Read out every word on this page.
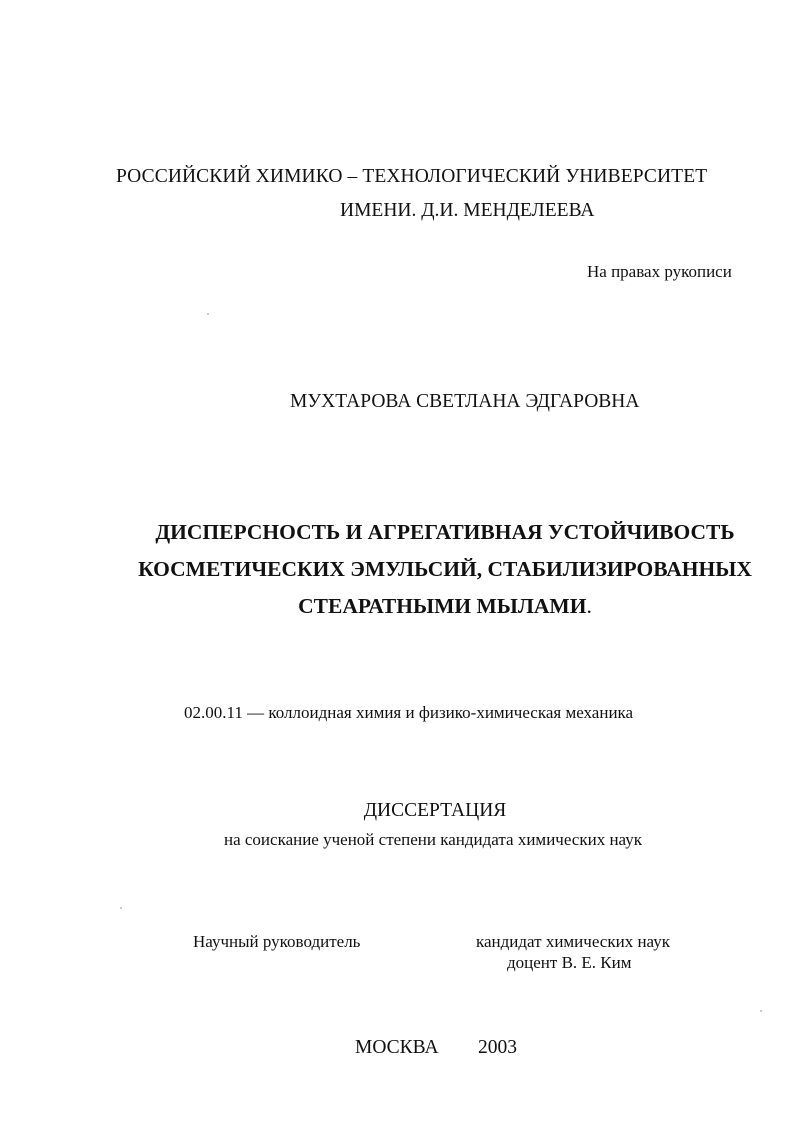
РОССИЙСКИЙ ХИМИКО – ТЕХНОЛОГИЧЕСКИЙ УНИВЕРСИТЕТ
ИМЕНИ. Д.И. МЕНДЕЛЕЕВА
На правах рукописи
МУХТАРОВА СВЕТЛАНА ЭДГАРОВНА
ДИСПЕРСНОСТЬ И АГРЕГАТИВНАЯ УСТОЙЧИВОСТЬ
КОСМЕТИЧЕСКИХ ЭМУЛЬСИЙ, СТАБИЛИЗИРОВАННЫХ
СТЕАРАТНЫМИ МЫЛАМИ.
02.00.11 — коллоидная химия и физико-химическая механика
ДИССЕРТАЦИЯ
на соискание ученой степени кандидата химических наук
Научный руководитель	кандидат химических наук
доцент В. Е. Ким
МОСКВА 2003
